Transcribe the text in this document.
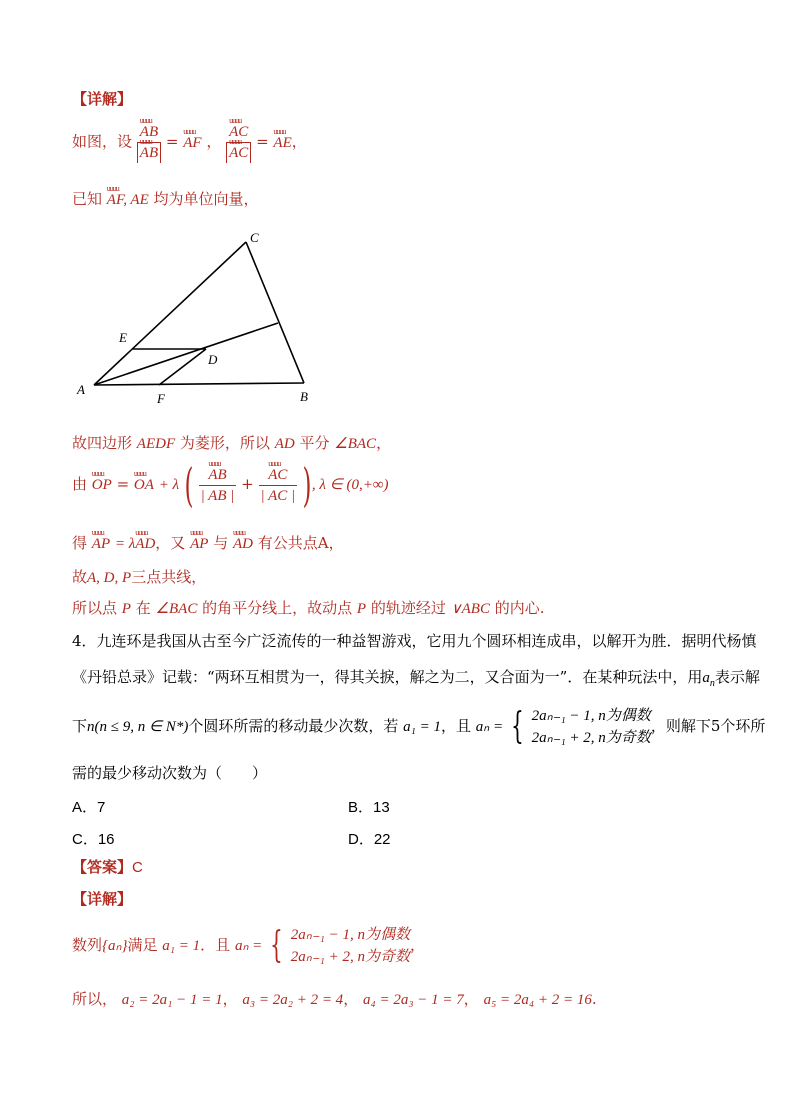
【详解】
如图，设 uuuu AB
uuuu AB = uuuu AF ， uuuu AC
uuuu AC = uuuu AE，
已知 uuuu AF, AE 均为单位向量，
C
E
D
A
F	B
故四边形 AEDF 为菱形，所以 AD 平分 ∠BAC，
由 uuuu OP = uuuu OA + λ ( uuuu $\frac{AB}{| AB |}$ + uuuu $\frac{AC}{| AC |}$ ), λ ∈ (0,+∞)
得 uuuu AP = λuuuu AD，又 uuuu AP 与 uuuu AD 有公共点A，
故A, D, P三点共线，
所以点 P 在 ∠BAC 的角平分线上，故动点 P 的轨迹经过 ∨ABC 的内心.
4．九连环是我国从古至今广泛流传的一种益智游戏，它用九个圆环相连成串，以解开为胜．据明代杨慎
《丹铅总录》记载：“两环互相贯为一，得其关捩，解之为二，又合面为一”．在某种玩法中，用$a_n$表示解
下n(n ≤ 9, n ∈ N*)个圆环所需的移动最少次数，若 a₁ = 1，且 aₙ = { 2aₙ₋₁ − 1, n为偶数
2aₙ₋₁ + 2, n为奇数
，则解下5个环所
需的最少移动次数为（　　）
A．7	B．13
C．16	D．22
【答案】C
【详解】
数列{aₙ}满足 a₁ = 1．且 aₙ = { 2aₙ₋₁ − 1, n为偶数
2aₙ₋₁ + 2, n为奇数
，
所以， a₂ = 2a₁ − 1 = 1， a₃ = 2a₂ + 2 = 4， a₄ = 2a₃ − 1 = 7， a₅ = 2a₄ + 2 = 16.
